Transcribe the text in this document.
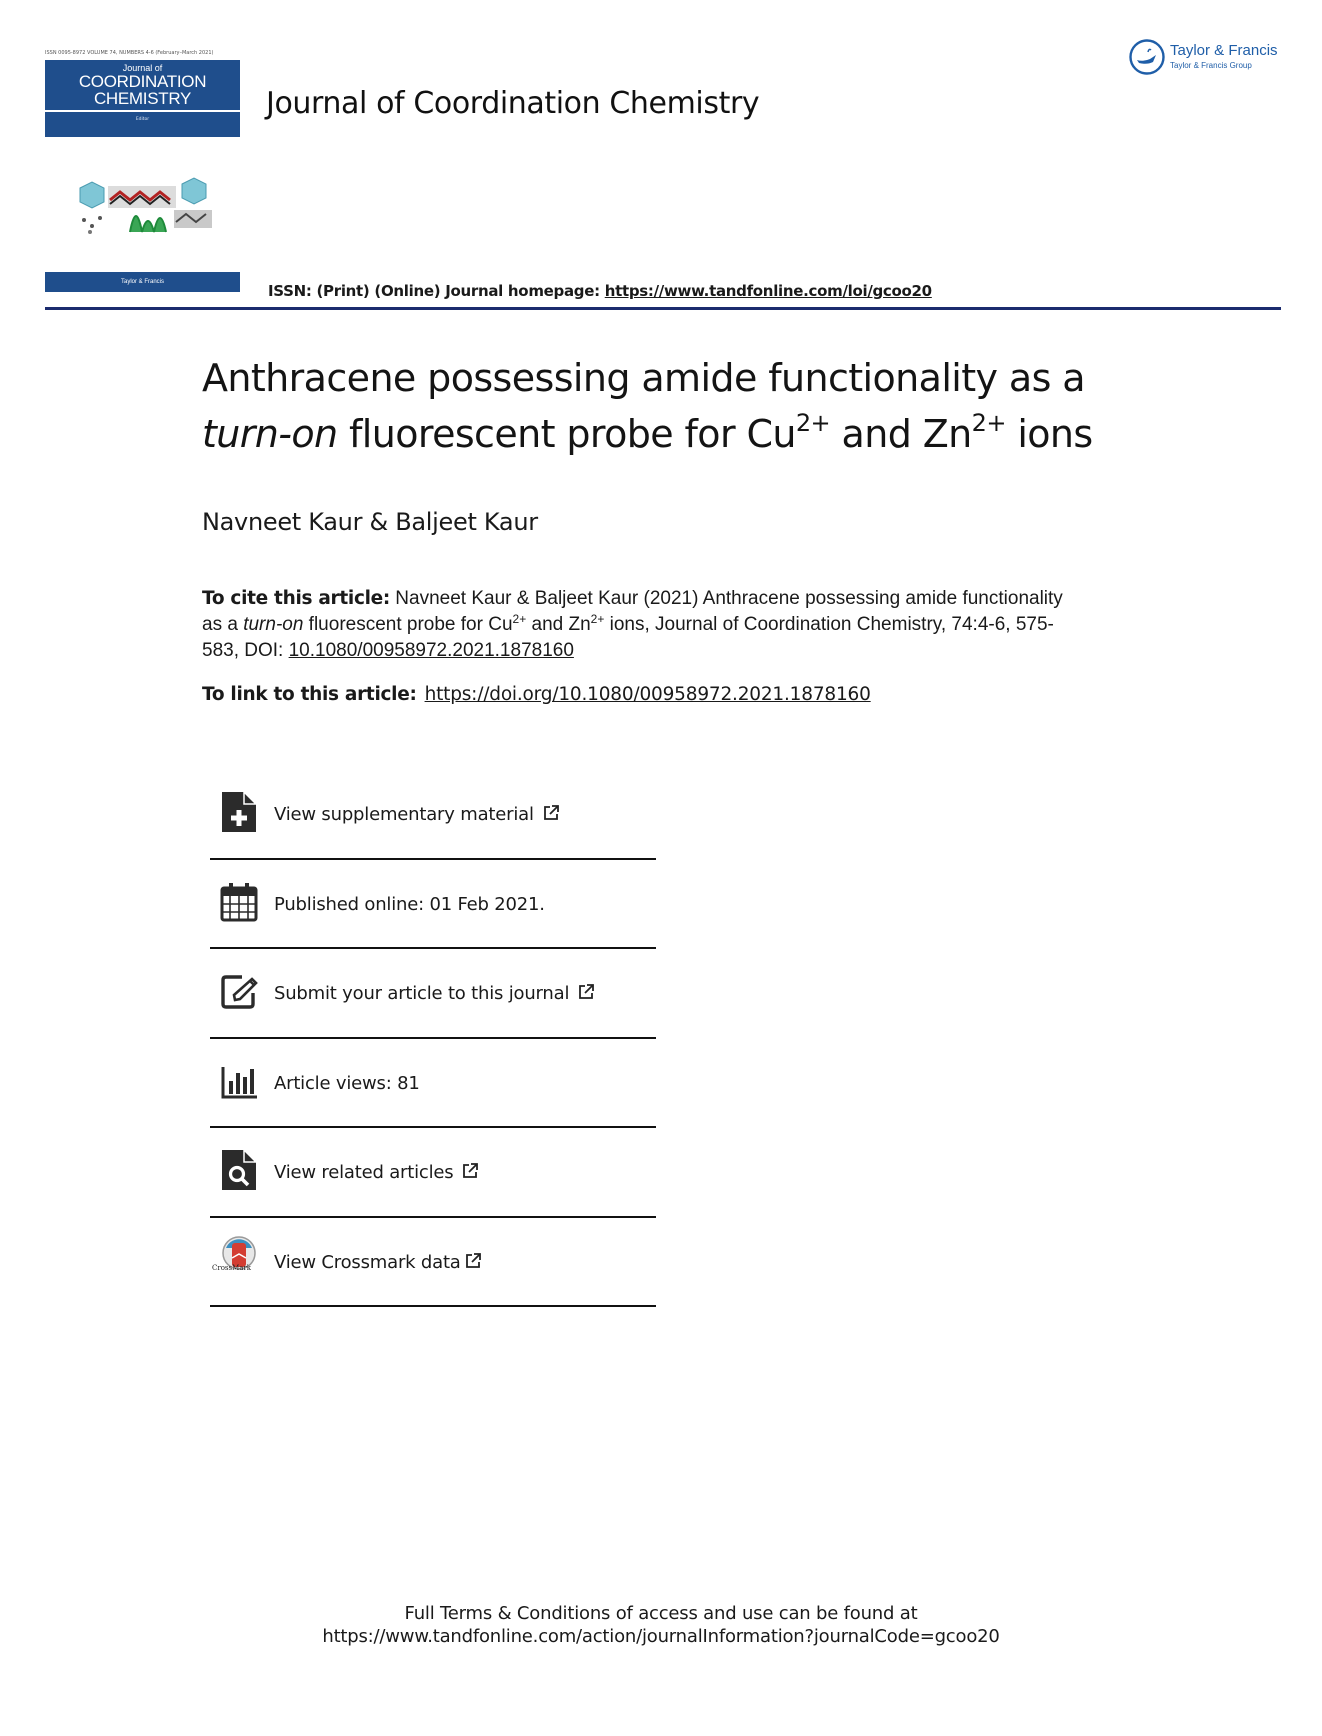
ISSN 0095-8972 VOLUME 74, NUMBERS 4-6 (February–March 2021)
Journal of
COORDINATION
CHEMISTRY
Editor
Taylor & Francis
Journal of Coordination Chemistry
Taylor & Francis
Taylor & Francis Group
ISSN: (Print) (Online) Journal homepage: https://www.tandfonline.com/loi/gcoo20
Anthracene possessing amide functionality as a
turn-on fluorescent probe for $Cu^{2+}$ and $Zn^{2+}$ ions
Navneet Kaur & Baljeet Kaur
To cite this article: Navneet Kaur & Baljeet Kaur (2021) Anthracene possessing amide functionality as a turn-on fluorescent probe for $Cu^{2+}$ and $Zn^{2+}$ ions, Journal of Coordination Chemistry, 74:4-6, 575-583, DOI: 10.1080/00958972.2021.1878160
To link to this article: https://doi.org/10.1080/00958972.2021.1878160
View supplementary material
Published online: 01 Feb 2021.
Submit your article to this journal
Article views: 81
View related articles
CrossMark View Crossmark data
Full Terms & Conditions of access and use can be found at
https://www.tandfonline.com/action/journalInformation?journalCode=gcoo20
